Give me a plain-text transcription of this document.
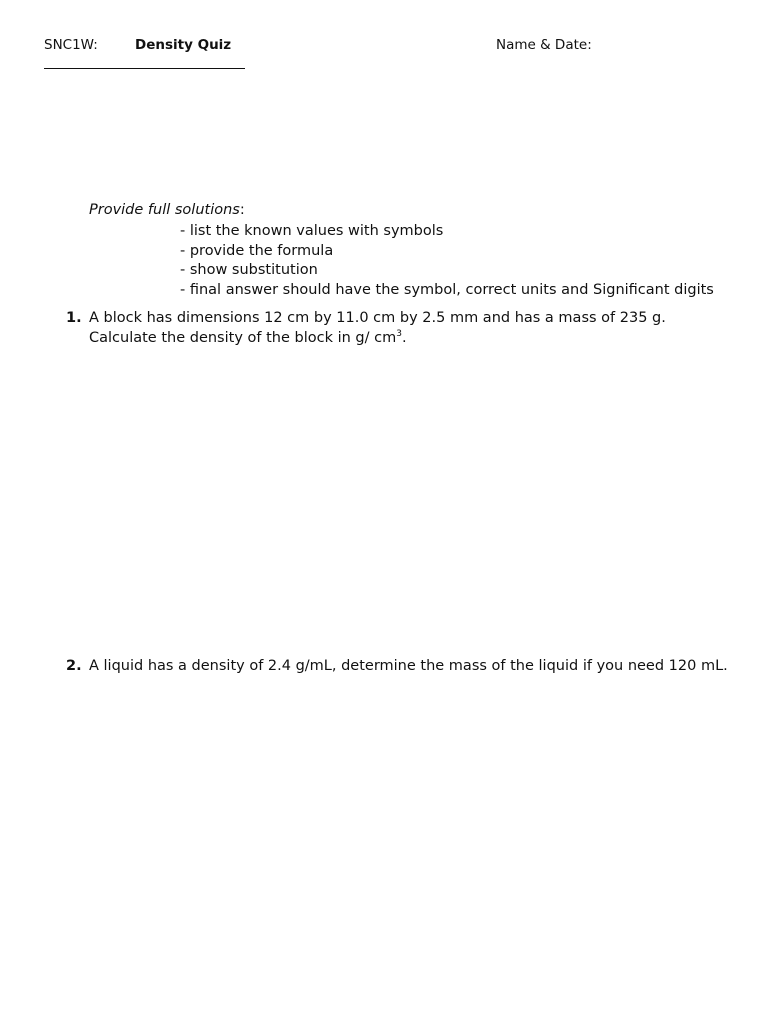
SNC1W:	Density Quiz	Name & Date:
Provide full solutions:
- list the known values with symbols
- provide the formula
- show substitution
- final answer should have the symbol, correct units and Significant digits
1. A block has dimensions 12 cm by 11.0 cm by 2.5 mm and has a mass of 235 g.
Calculate the density of the block in g/ $cm^3$.
2. A liquid has a density of 2.4 g/mL, determine the mass of the liquid if you need 120 mL.
